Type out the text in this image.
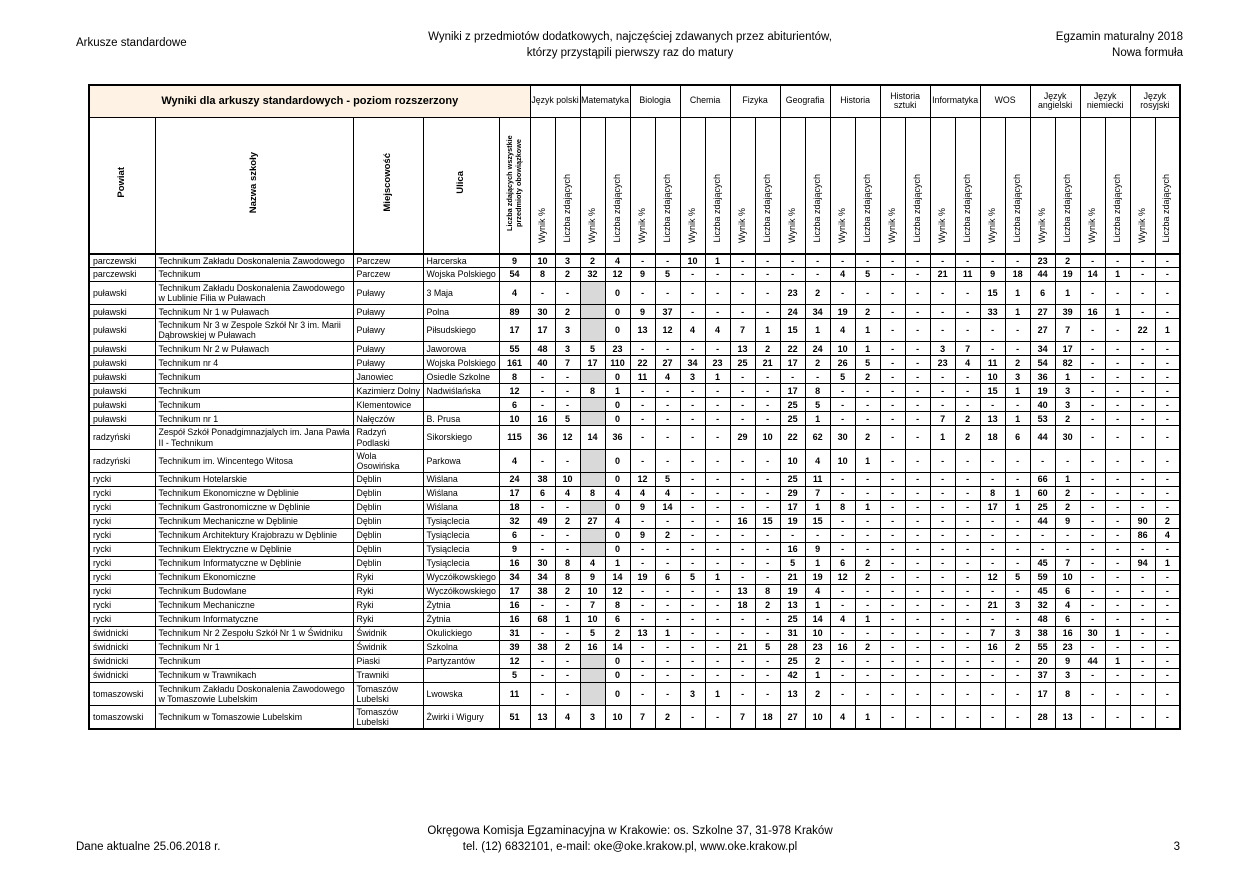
Arkusze standardowe	Wyniki z przedmiotów dodatkowych, najczęściej zdawanych przez abiturientów,
którzy przystąpili pierwszy raz do matury
Egzamin maturalny 2018
Nowa formuła
Wyniki dla arkuszy standardowych - poziom rozszerzony					Język polski		Matematyka		Biologia		Chemia		Fizyka		Geografia		Historia		Historia sztuki		Informatyka		WOS		Język angielski		Język niemiecki		Język rosyjski	
Powiat	Nazwa szkoły	Miejscowość	Ulica	Liczba zdających wszystkie przedmioty obowiązkowe	Wynik %	Liczba zdających	Wynik %	Liczba zdających	Wynik %	Liczba zdających	Wynik %	Liczba zdających	Wynik %	Liczba zdających	Wynik %	Liczba zdających	Wynik %	Liczba zdających	Wynik %	Liczba zdających	Wynik %	Liczba zdających	Wynik %	Liczba zdających	Wynik %	Liczba zdających	Wynik %	Liczba zdających	Wynik %	Liczba zdających
parczewski	Technikum Zakładu Doskonalenia Zawodowego	Parczew	Harcerska	9	10	3	2	4	-	-	10	1	-	-	-	-	-	-	-	-	-	-	-	-	23	2	-	-	-	-
parczewski	Technikum	Parczew	Wojska Polskiego	54	8	2	32	12	9	5	-	-	-	-	-	-	4	5	-	-	21	11	9	18	44	19	14	1	-	-
puławski	Technikum Zakładu Doskonalenia Zawodowego w Lublinie Filia w Puławach	Puławy	3 Maja	4	-	-		0	-	-	-	-	-	-	23	2	-	-	-	-	-	-	15	1	6	1	-	-	-	-
puławski	Technikum Nr 1 w Puławach	Puławy	Polna	89	30	2		0	9	37	-	-	-	-	24	34	19	2	-	-	-	-	33	1	27	39	16	1	-	-
puławski	Technikum Nr 3 w Zespole Szkół Nr 3 im. Marii Dąbrowskiej w Puławach	Puławy	Piłsudskiego	17	17	3		0	13	12	4	4	7	1	15	1	4	1	-	-	-	-	-	-	27	7	-	-	22	1
puławski	Technikum Nr 2 w Puławach	Puławy	Jaworowa	55	48	3	5	23	-	-	-	-	13	2	22	24	10	1	-	-	3	7	-	-	34	17	-	-	-	-
puławski	Technikum nr 4	Puławy	Wojska Polskiego	161	40	7	17	110	22	27	34	23	25	21	17	2	26	5	-	-	23	4	11	2	54	82	-	-	-	-
puławski	Technikum	Janowiec	Osiedle Szkolne	8	-	-		0	11	4	3	1	-	-	-	-	5	2	-	-	-	-	10	3	36	1	-	-	-	-
puławski	Technikum	Kazimierz Dolny	Nadwiślańska	12	-	-	8	1	-	-	-	-	-	-	17	8	-	-	-	-	-	-	15	1	19	3	-	-	-	-
puławski	Technikum	Klementowice		6	-	-		0	-	-	-	-	-	-	25	5	-	-	-	-	-	-	-	-	40	3	-	-	-	-
puławski	Technikum nr 1	Nałęczów	B. Prusa	10	16	5		0	-	-	-	-	-	-	25	1	-	-	-	-	7	2	13	1	53	2	-	-	-	-
radzyński	Zespół Szkół Ponadgimnazjalych im. Jana Pawła II - Technikum	Radzyń Podlaski	Sikorskiego	115	36	12	14	36	-	-	-	-	29	10	22	62	30	2	-	-	1	2	18	6	44	30	-	-	-	-
radzyński	Technikum im. Wincentego Witosa	Wola Osowińska	Parkowa	4	-	-		0	-	-	-	-	-	-	10	4	10	1	-	-	-	-	-	-	-	-	-	-	-	-
rycki	Technikum Hotelarskie	Dęblin	Wiślana	24	38	10		0	12	5	-	-	-	-	25	11	-	-	-	-	-	-	-	-	66	1	-	-	-	-
rycki	Technikum Ekonomiczne w Dęblinie	Dęblin	Wiślana	17	6	4	8	4	4	4	-	-	-	-	29	7	-	-	-	-	-	-	8	1	60	2	-	-	-	-
rycki	Technikum Gastronomiczne w Dęblinie	Dęblin	Wiślana	18	-	-		0	9	14	-	-	-	-	17	1	8	1	-	-	-	-	17	1	25	2	-	-	-	-
rycki	Technikum Mechaniczne w Dęblinie	Dęblin	Tysiąclecia	32	49	2	27	4	-	-	-	-	16	15	19	15	-	-	-	-	-	-	-	-	44	9	-	-	90	2
rycki	Technikum Architektury Krajobrazu w Dęblinie	Dęblin	Tysiąclecia	6	-	-		0	9	2	-	-	-	-	-	-	-	-	-	-	-	-	-	-	-	-	-	-	86	4
rycki	Technikum Elektryczne w Dęblinie	Dęblin	Tysiąclecia	9	-	-		0	-	-	-	-	-	-	16	9	-	-	-	-	-	-	-	-	-	-	-	-	-	-
rycki	Technikum Informatyczne w Dęblinie	Dęblin	Tysiąclecia	16	30	8	4	1	-	-	-	-	-	-	5	1	6	2	-	-	-	-	-	-	45	7	-	-	94	1
rycki	Technikum Ekonomiczne	Ryki	Wyczółkowskiego	34	34	8	9	14	19	6	5	1	-	-	21	19	12	2	-	-	-	-	12	5	59	10	-	-	-	-
rycki	Technikum Budowlane	Ryki	Wyczółkowskiego	17	38	2	10	12	-	-	-	-	13	8	19	4	-	-	-	-	-	-	-	-	45	6	-	-	-	-
rycki	Technikum Mechaniczne	Ryki	Żytnia	16	-	-	7	8	-	-	-	-	18	2	13	1	-	-	-	-	-	-	21	3	32	4	-	-	-	-
rycki	Technikum Informatyczne	Ryki	Żytnia	16	68	1	10	6	-	-	-	-	-	-	25	14	4	1	-	-	-	-	-	-	48	6	-	-	-	-
świdnicki	Technikum Nr 2 Zespołu Szkół Nr 1 w Świdniku	Świdnik	Okulickiego	31	-	-	5	2	13	1	-	-	-	-	31	10	-	-	-	-	-	-	7	3	38	16	30	1	-	-
świdnicki	Technikum Nr 1	Świdnik	Szkolna	39	38	2	16	14	-	-	-	-	21	5	28	23	16	2	-	-	-	-	16	2	55	23	-	-	-	-
świdnicki	Technikum	Piaski	Partyzantów	12	-	-		0	-	-	-	-	-	-	25	2	-	-	-	-	-	-	-	-	20	9	44	1	-	-
świdnicki	Technikum w Trawnikach	Trawniki		5	-	-		0	-	-	-	-	-	-	42	1	-	-	-	-	-	-	-	-	37	3	-	-	-	-
tomaszowski	Technikum Zakładu Doskonalenia Zawodowego w Tomaszowie Lubelskim	Tomaszów Lubelski	Lwowska	11	-	-		0	-	-	3	1	-	-	13	2	-	-	-	-	-	-	-	-	17	8	-	-	-	-
tomaszowski	Technikum w Tomaszowie Lubelskim	Tomaszów Lubelski	Żwirki i Wigury	51	13	4	3	10	7	2	-	-	7	18	27	10	4	1	-	-	-	-	-	-	28	13	-	-	-	-
Okręgowa Komisja Egzaminacyjna w Krakowie: os. Szkolne 37, 31-978 Kraków
tel. (12) 6832101, e-mail: oke@oke.krakow.pl, www.oke.krakow.pl
Dane aktualne 25.06.2018 r.	3
